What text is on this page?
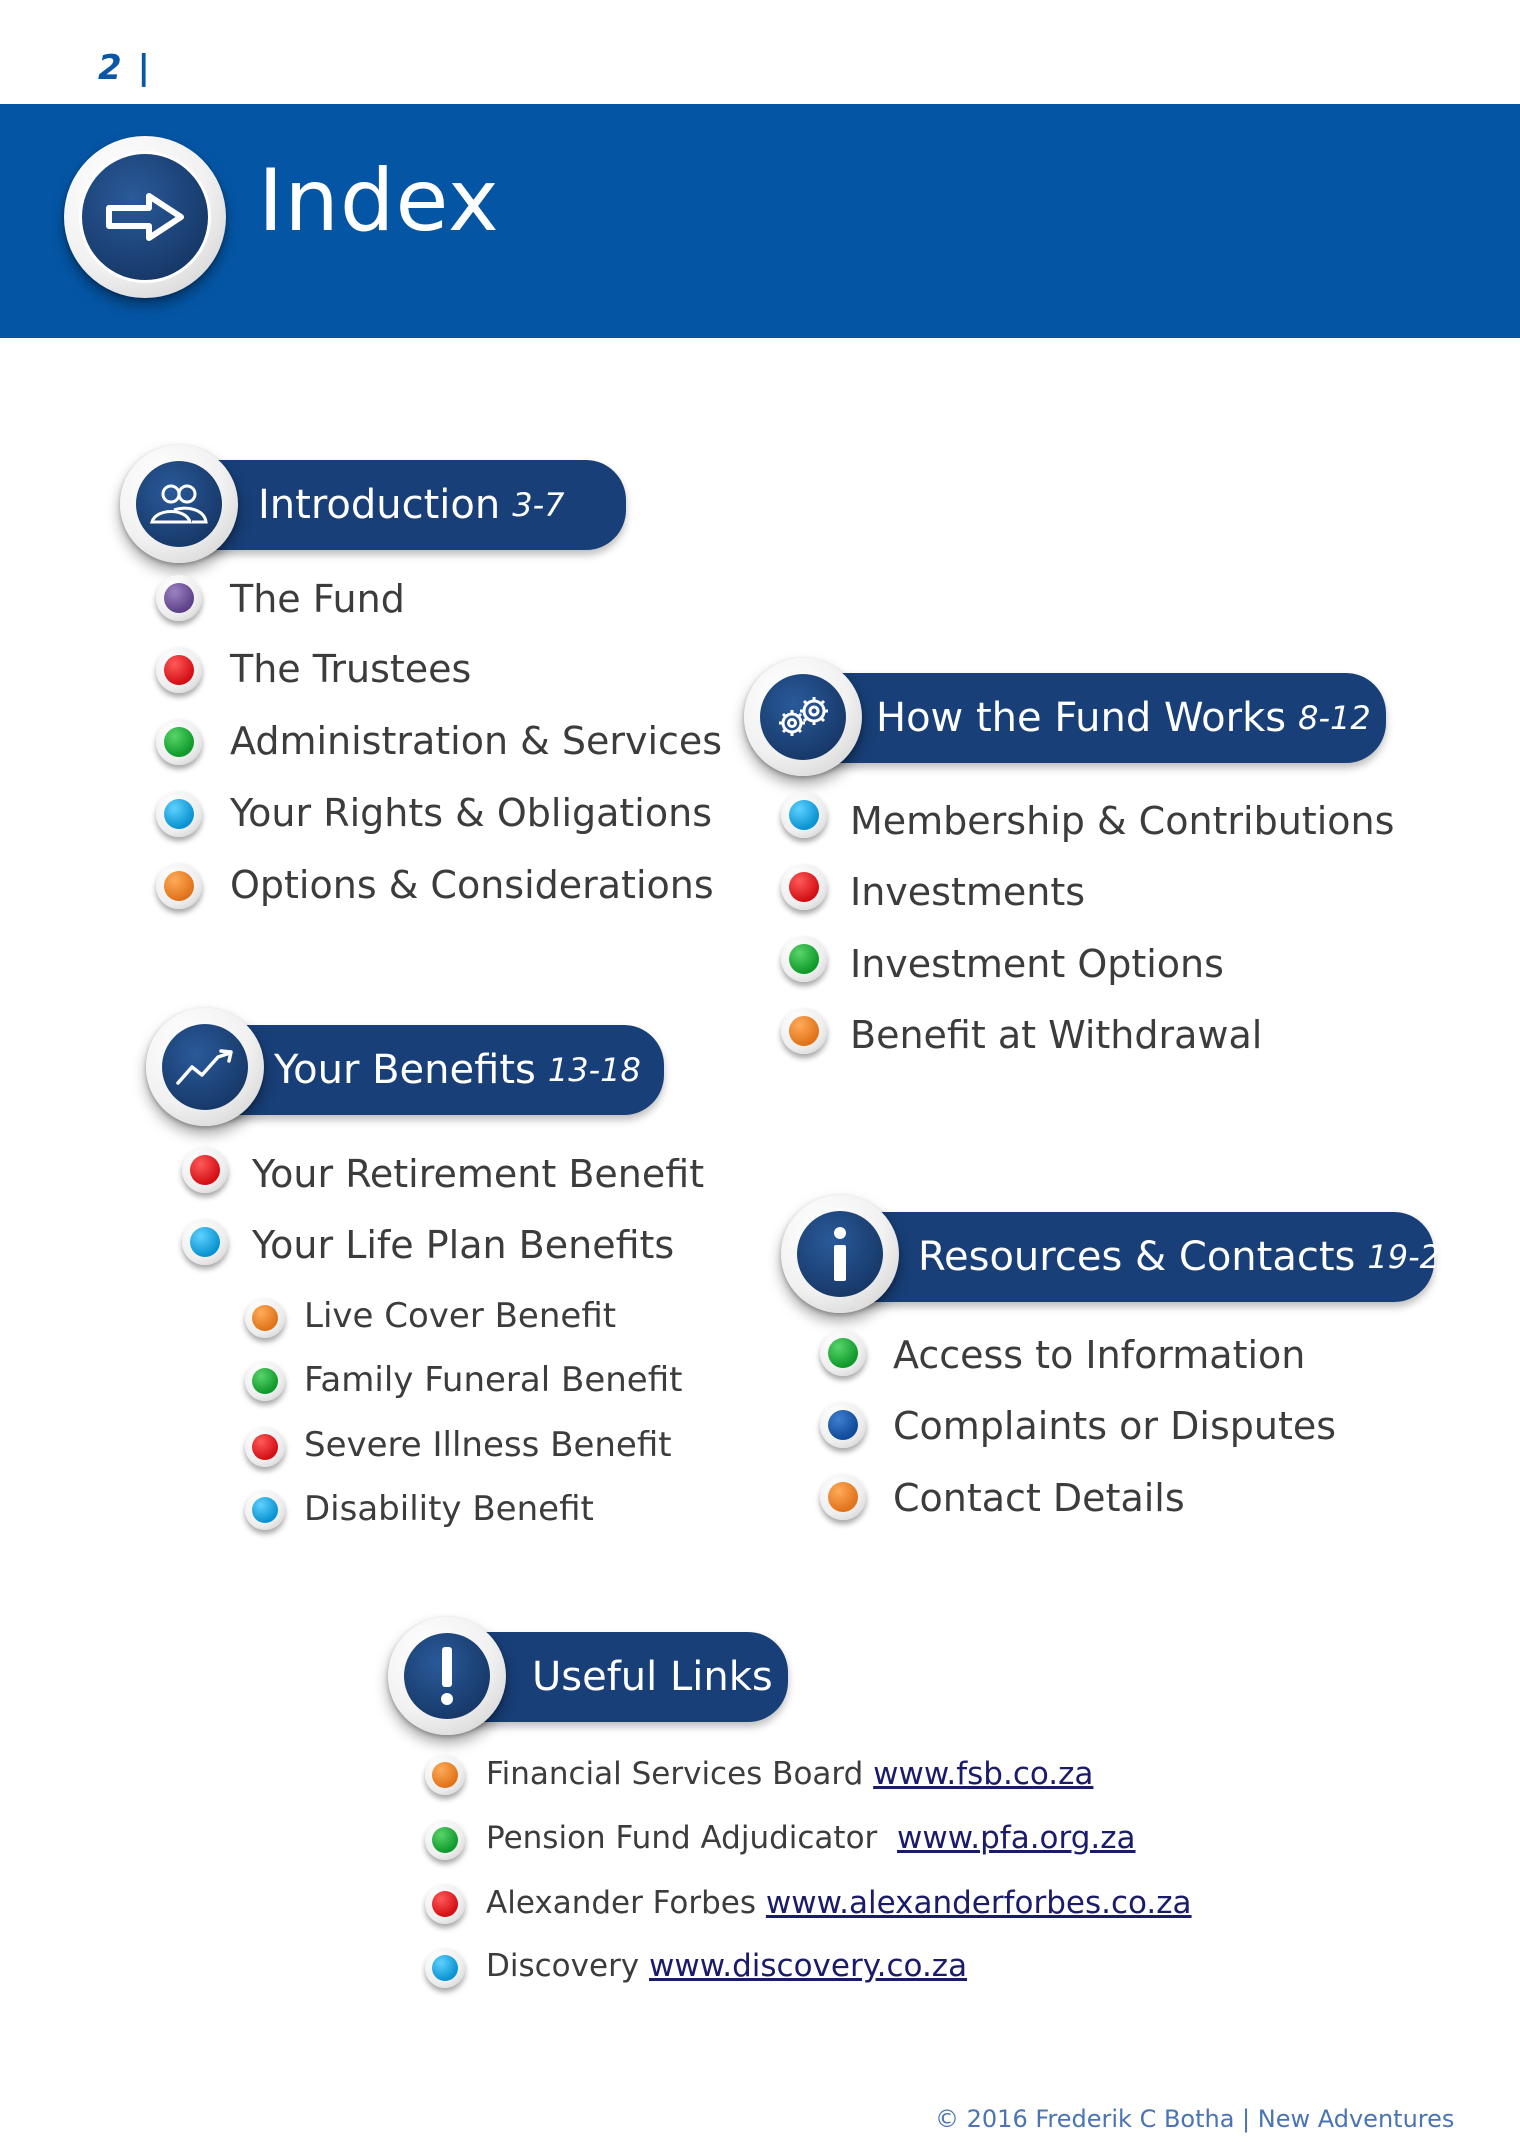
2 |
Index
Introduction 3-7
The Fund
The Trustees
Administration & Services
Your Rights & Obligations
Options & Considerations
How the Fund Works 8-12
Membership & Contributions
Investments
Investment Options
Benefit at Withdrawal
Your Benefits 13-18
Your Retirement Benefit
Your Life Plan Benefits
Live Cover Benefit
Family Funeral Benefit
Severe Illness Benefit
Disability Benefit
Resources & Contacts 19-20
Access to Information
Complaints or Disputes
Contact Details
Useful Links
Financial Services Board www.fsb.co.za
Pension Fund Adjudicator www.pfa.org.za
Alexander Forbes www.alexanderforbes.co.za
Discovery www.discovery.co.za
© 2016 Frederik C Botha | New Adventures
